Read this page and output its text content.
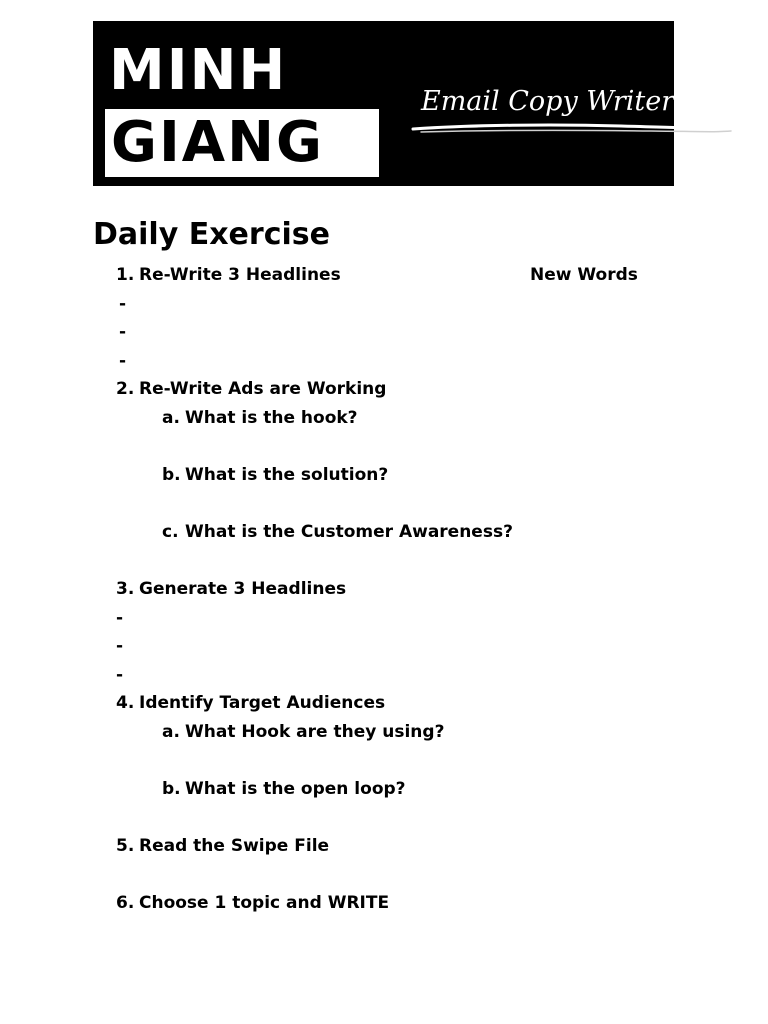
MINH
GIANG
Email Copy Writer
Daily Exercise
1. Re-Write 3 Headlines	New Words
-
-
-
2. Re-Write Ads are Working
a. What is the hook?
b. What is the solution?
c. What is the Customer Awareness?
3. Generate 3 Headlines
-
-
-
4. Identify Target Audiences
a. What Hook are they using?
b. What is the open loop?
5. Read the Swipe File
6. Choose 1 topic and WRITE
